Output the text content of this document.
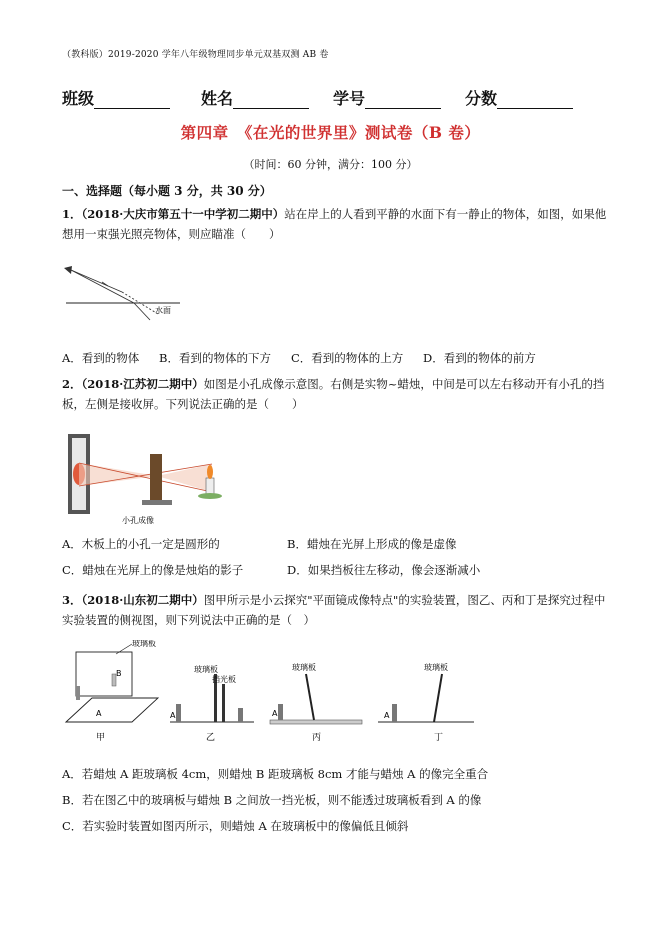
（教科版）2019-2020 学年八年级物理同步单元双基双测 AB 卷
班级	姓名	学号	分数
第四章　《在光的世界里》测试卷（B 卷）
（时间：60 分钟，满分：100 分）
一、选择题（每小题 3 分，共 30 分）
1．（2018·大庆市第五十一中学初二期中）站在岸上的人看到平静的水面下有一静止的物体，如图，如果他
想用一束强光照亮物体，则应瞄准（　　）
水面
A．看到的物体 B．看到的物体的下方 C．看到的物体的上方 D．看到的物体的前方
2．（2018·江苏初二期中）如图是小孔成像示意图。右侧是实物~蜡烛，中间是可以左右移动开有小孔的挡
板，左侧是接收屏。下列说法正确的是（　　）
小孔成像
A．木板上的小孔一定是圆形的	B．蜡烛在光屏上形成的像是虚像
C．蜡烛在光屏上的像是烛焰的影子	D．如果挡板往左移动，像会逐渐减小
3．（2018·山东初二期中）图甲所示是小云探究"平面镜成像特点"的实验装置，图乙、丙和丁是探究过程中
实验装置的侧视图，则下列说法中正确的是（　）
玻璃板
B
A
甲
A
玻璃板
挡光板
乙
玻璃板
A
丙
玻璃板
A
丁
A．若蜡烛 A 距玻璃板 4cm，则蜡烛 B 距玻璃板 8cm 才能与蜡烛 A 的像完全重合
B．若在图乙中的玻璃板与蜡烛 B 之间放一挡光板，则不能透过玻璃板看到 A 的像
C．若实验时装置如图丙所示，则蜡烛 A 在玻璃板中的像偏低且倾斜
